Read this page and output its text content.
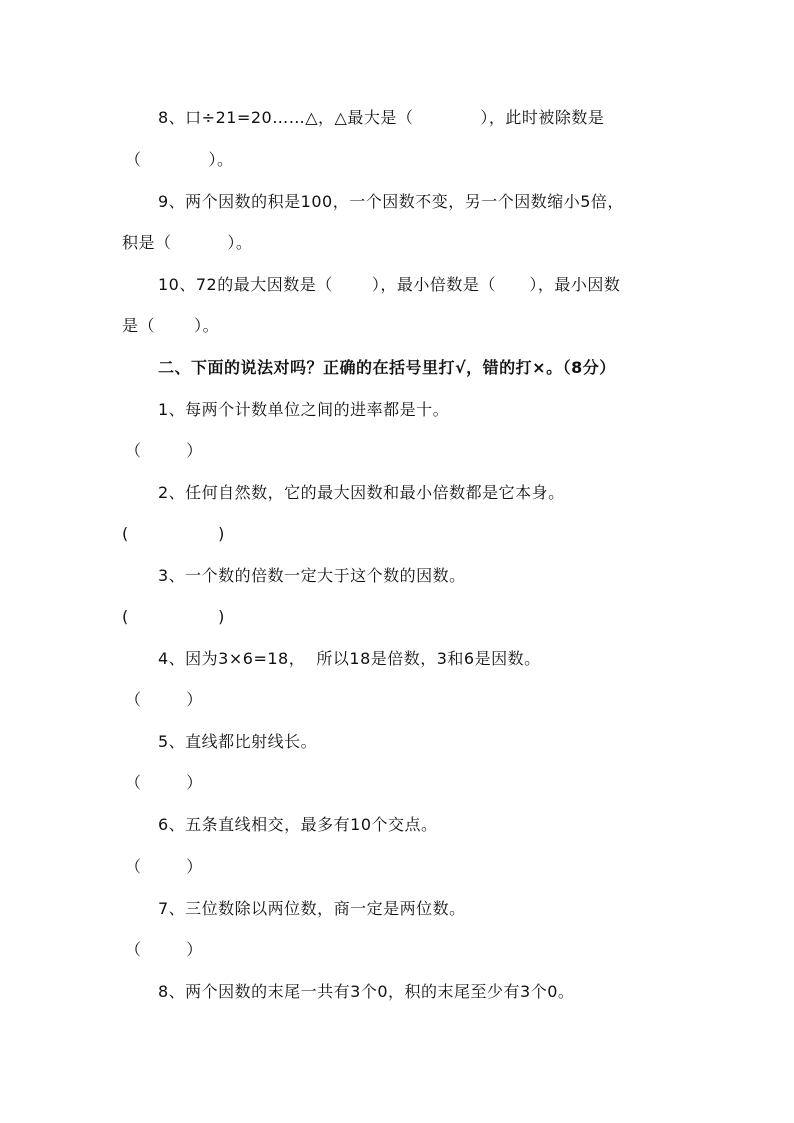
8、口÷21=20……△，△最大是（            ），此时被除数是
（            ）。
9、两个因数的积是100，一个因数不变，另一个因数缩小5倍，
积是（          ）。
10、72的最大因数是（       ），最小倍数是（      ），最小因数
是（       ）。
二、下面的说法对吗？正确的在括号里打√，错的打×。（8分）
1、每两个计数单位之间的进率都是十。
（        ）
2、任何自然数，它的最大因数和最小倍数都是它本身。
(                )
3、一个数的倍数一定大于这个数的因数。
(                )
4、因为3×6=18，  所以18是倍数，3和6是因数。
（        ）
5、直线都比射线长。
（        ）
6、五条直线相交，最多有10个交点。
（        ）
7、三位数除以两位数，商一定是两位数。
（        ）
8、两个因数的末尾一共有3个0，积的末尾至少有3个0。
